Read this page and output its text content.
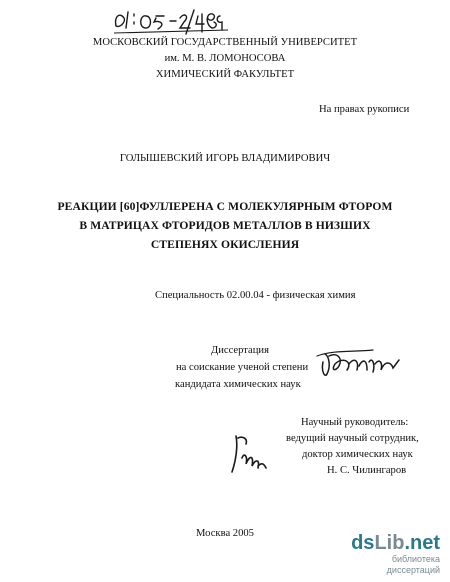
МОСКОВСКИЙ ГОСУДАРСТВЕННЫЙ УНИВЕРСИТЕТ
им. М. В. ЛОМОНОСОВА
ХИМИЧЕСКИЙ ФАКУЛЬТЕТ
На правах рукописи
ГОЛЫШЕВСКИЙ ИГОРЬ ВЛАДИМИРОВИЧ
РЕАКЦИИ [60]ФУЛЛЕРЕНА С МОЛЕКУЛЯРНЫМ ФТОРОМ
В МАТРИЦАХ ФТОРИДОВ МЕТАЛЛОВ В НИЗШИХ
СТЕПЕНЯХ ОКИСЛЕНИЯ
Специальность 02.00.04 - физическая химия
Диссертация
на соискание ученой степени
кандидата химических наук
Научный руководитель:
ведущий научный сотрудник,
доктор химических наук
Н. С. Чилингаров
Москва 2005	dsLib.net
библиотека диссертаций
